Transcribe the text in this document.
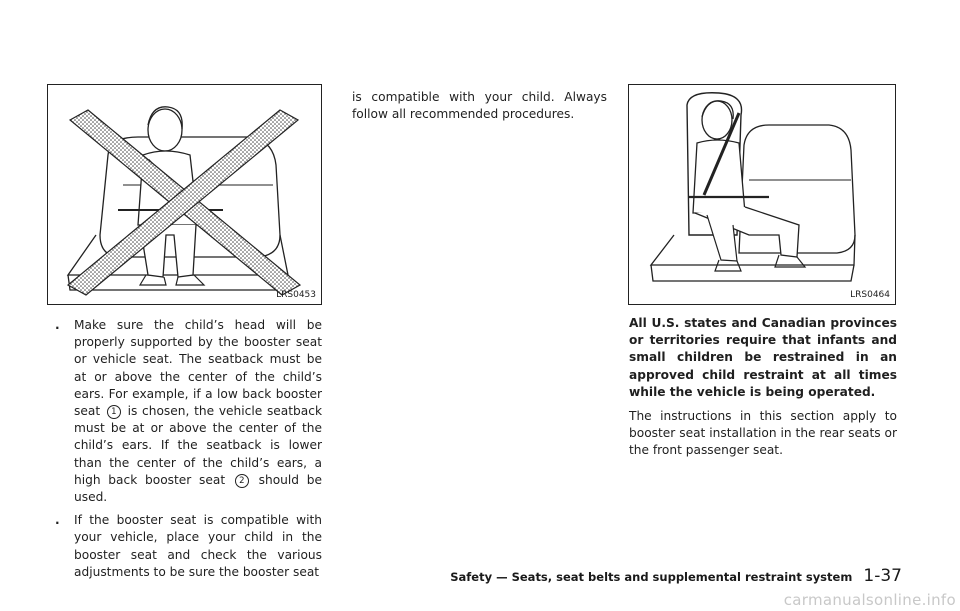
LRS0453
. Make sure the child’s head will be properly supported by the booster seat or vehicle seat. The seatback must be at or above the center of the child’s ears. For example, if a low back booster seat 1 is chosen, the vehicle seatback must be at or above the center of the child’s ears. If the seatback is lower than the center of the child’s ears, a high back booster seat 2 should be used.
. If the booster seat is compatible with your vehicle, place your child in the booster seat and check the various adjustments to be sure the booster seat

is compatible with your child. Always follow all recommended procedures.

LRS0464

All U.S. states and Canadian provinces or territories require that infants and small children be restrained in an approved child restraint at all times while the vehicle is being operated.

The instructions in this section apply to booster seat installation in the rear seats or the front passenger seat.

Safety — Seats, seat belts and supplemental restraint system 1-37
carmanualsonline.info
